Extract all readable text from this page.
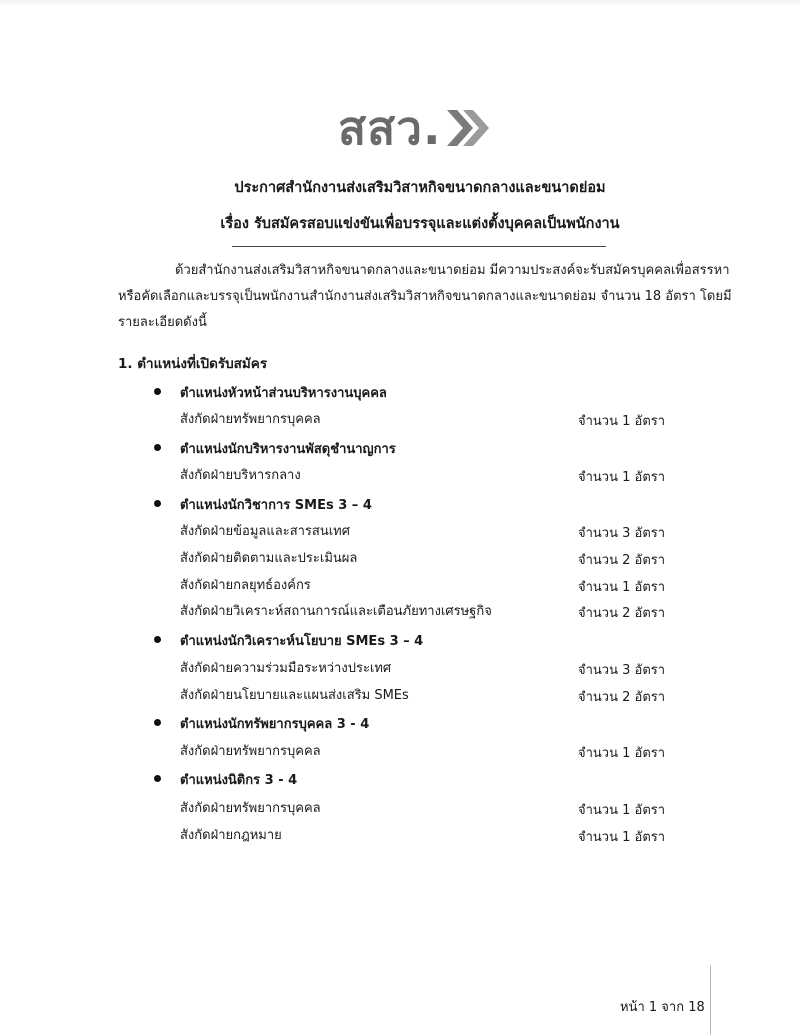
สสว.
ประกาศสำนักงานส่งเสริมวิสาหกิจขนาดกลางและขนาดย่อม
เรื่อง รับสมัครสอบแข่งขันเพื่อบรรจุและแต่งตั้งบุคคลเป็นพนักงาน
ด้วยสำนักงานส่งเสริมวิสาหกิจขนาดกลางและขนาดย่อม มีความประสงค์จะรับสมัครบุคคลเพื่อสรรหา
หรือคัดเลือกและบรรจุเป็นพนักงานสำนักงานส่งเสริมวิสาหกิจขนาดกลางและขนาดย่อม จำนวน 18 อัตรา โดยมี
รายละเอียดดังนี้
1. ตำแหน่งที่เปิดรับสมัคร
ตำแหน่งหัวหน้าส่วนบริหารงานบุคคล
สังกัดฝ่ายทรัพยากรบุคคล	จำนวน 1 อัตรา
ตำแหน่งนักบริหารงานพัสดุชำนาญการ
สังกัดฝ่ายบริหารกลาง	จำนวน 1 อัตรา
ตำแหน่งนักวิชาการ SMEs 3 – 4
สังกัดฝ่ายข้อมูลและสารสนเทศ	จำนวน 3 อัตรา
สังกัดฝ่ายติดตามและประเมินผล	จำนวน 2 อัตรา
สังกัดฝ่ายกลยุทธ์องค์กร	จำนวน 1 อัตรา
สังกัดฝ่ายวิเคราะห์สถานการณ์และเตือนภัยทางเศรษฐกิจ	จำนวน 2 อัตรา
ตำแหน่งนักวิเคราะห์นโยบาย SMEs 3 – 4
สังกัดฝ่ายความร่วมมือระหว่างประเทศ	จำนวน 3 อัตรา
สังกัดฝ่ายนโยบายและแผนส่งเสริม SMEs	จำนวน 2 อัตรา
ตำแหน่งนักทรัพยากรบุคคล 3 - 4
สังกัดฝ่ายทรัพยากรบุคคล	จำนวน 1 อัตรา
ตำแหน่งนิติกร 3 - 4
สังกัดฝ่ายทรัพยากรบุคคล	จำนวน 1 อัตรา
สังกัดฝ่ายกฎหมาย	จำนวน 1 อัตรา
หน้า 1 จาก 18
